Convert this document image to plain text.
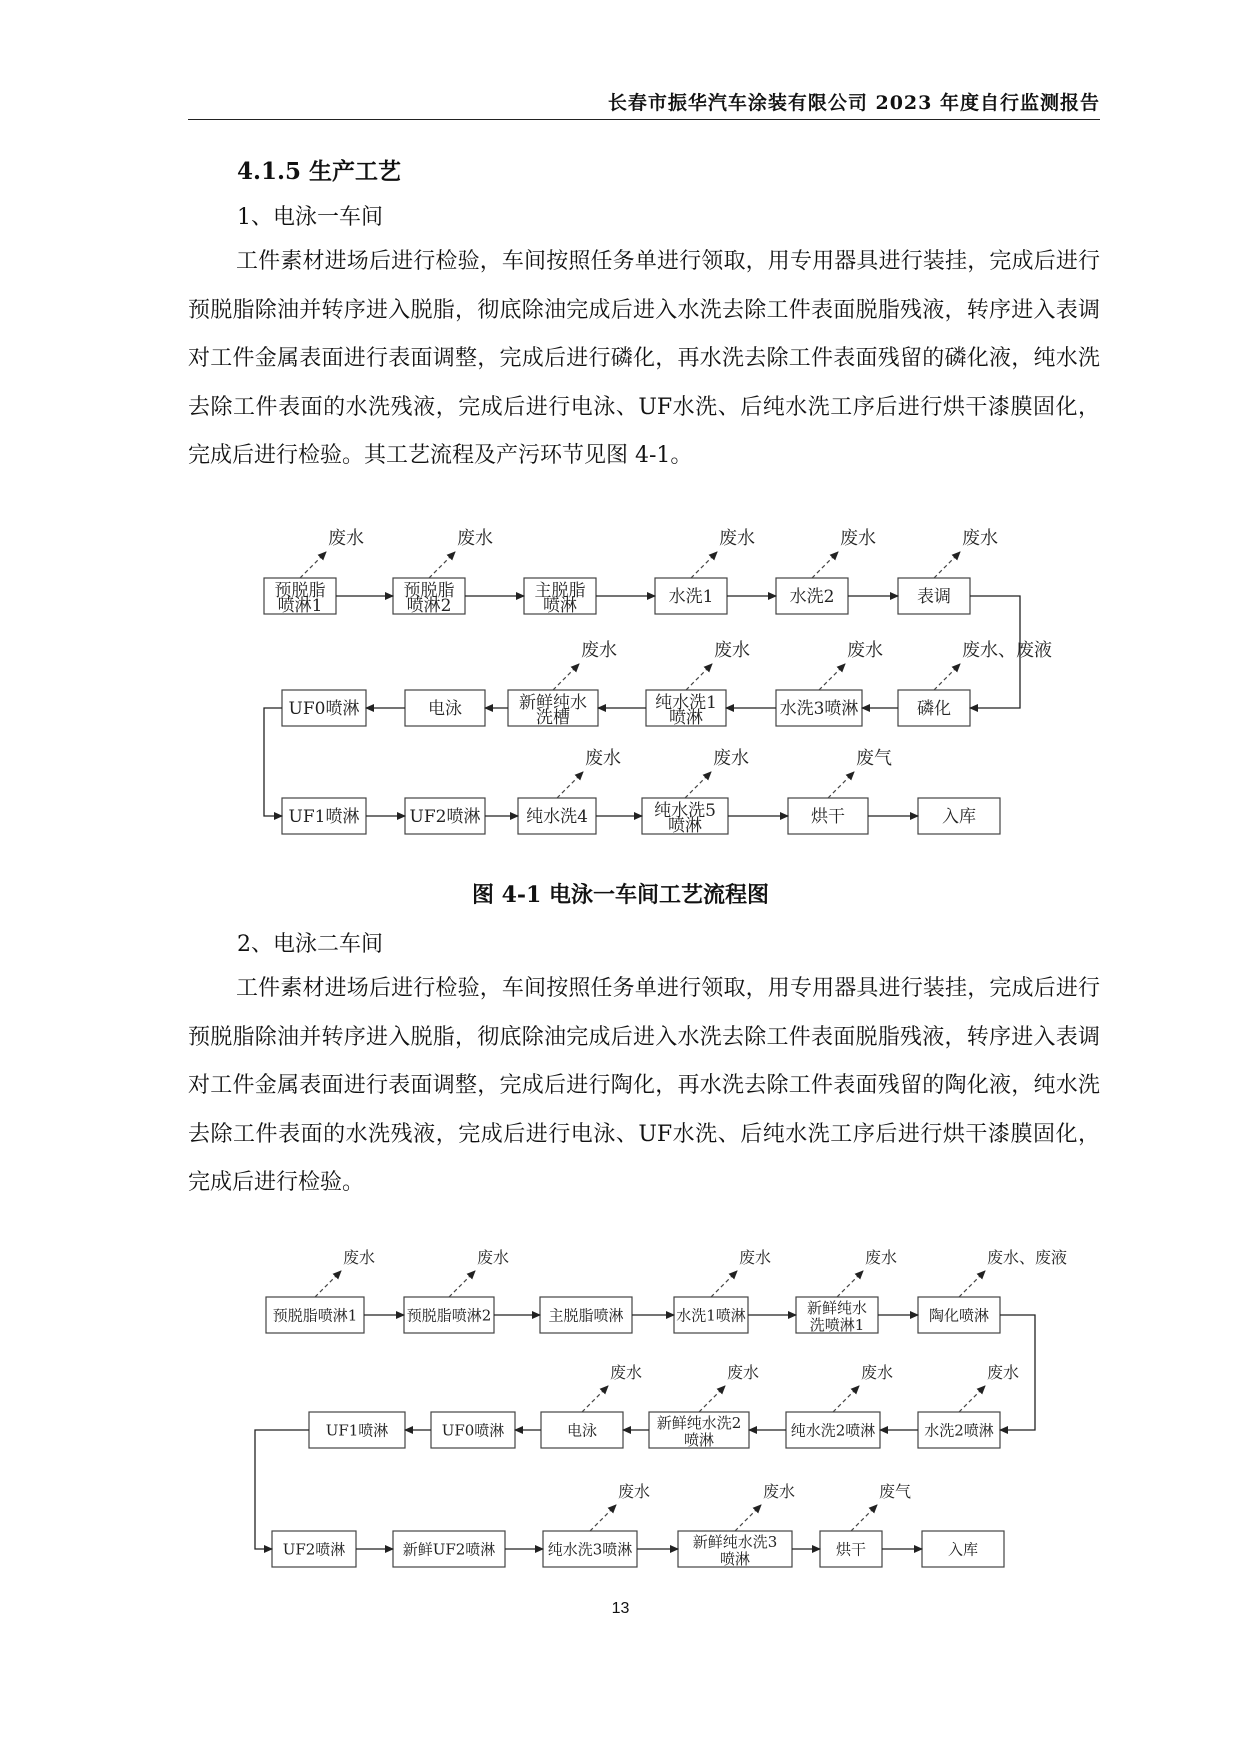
长春市振华汽车涂装有限公司 2023 年度自行监测报告
4.1.5 生产工艺
1、电泳一车间

工件素材进场后进行检验，车间按照任务单进行领取，用专用器具进行装挂，完成后进行预脱脂除油并转序进入脱脂，彻底除油完成后进入水洗去除工件表面脱脂残液，转序进入表调对工件金属表面进行表面调整，完成后进行磷化，再水洗去除工件表面残留的磷化液，纯水洗去除工件表面的水洗残液，完成后进行电泳、UF水洗、后纯水洗工序后进行烘干漆膜固化，完成后进行检验。其工艺流程及产污环节见图 4-1。

预脱脂
喷淋1
废水
预脱脂
喷淋2
废水
主脱脂
喷淋	水洗1
废水
水洗2
废水
表调
废水
UF0喷淋	电泳	新鲜纯水
洗槽
废水
纯水洗1
喷淋
废水
水洗3喷淋
废水
磷化
废水、废液
UF1喷淋	UF2喷淋	纯水洗4
废水
纯水洗5
喷淋
废水
烘干
废气
入库
图 4-1 电泳一车间工艺流程图
2、电泳二车间

工件素材进场后进行检验，车间按照任务单进行领取，用专用器具进行装挂，完成后进行预脱脂除油并转序进入脱脂，彻底除油完成后进入水洗去除工件表面脱脂残液，转序进入表调对工件金属表面进行表面调整，完成后进行陶化，再水洗去除工件表面残留的陶化液，纯水洗去除工件表面的水洗残液，完成后进行电泳、UF水洗、后纯水洗工序后进行烘干漆膜固化，完成后进行检验。

预脱脂喷淋1
废水
预脱脂喷淋2
废水
主脱脂喷淋	水洗1喷淋
废水
新鲜纯水
洗喷淋1
废水
陶化喷淋
废水、废液
UF1喷淋	UF0喷淋	电泳
废水
新鲜纯水洗2
喷淋
废水
纯水洗2喷淋
废水
水洗2喷淋
废水
UF2喷淋	新鲜UF2喷淋	纯水洗3喷淋
废水
新鲜纯水洗3
喷淋
废水
烘干
废气
入库
13
